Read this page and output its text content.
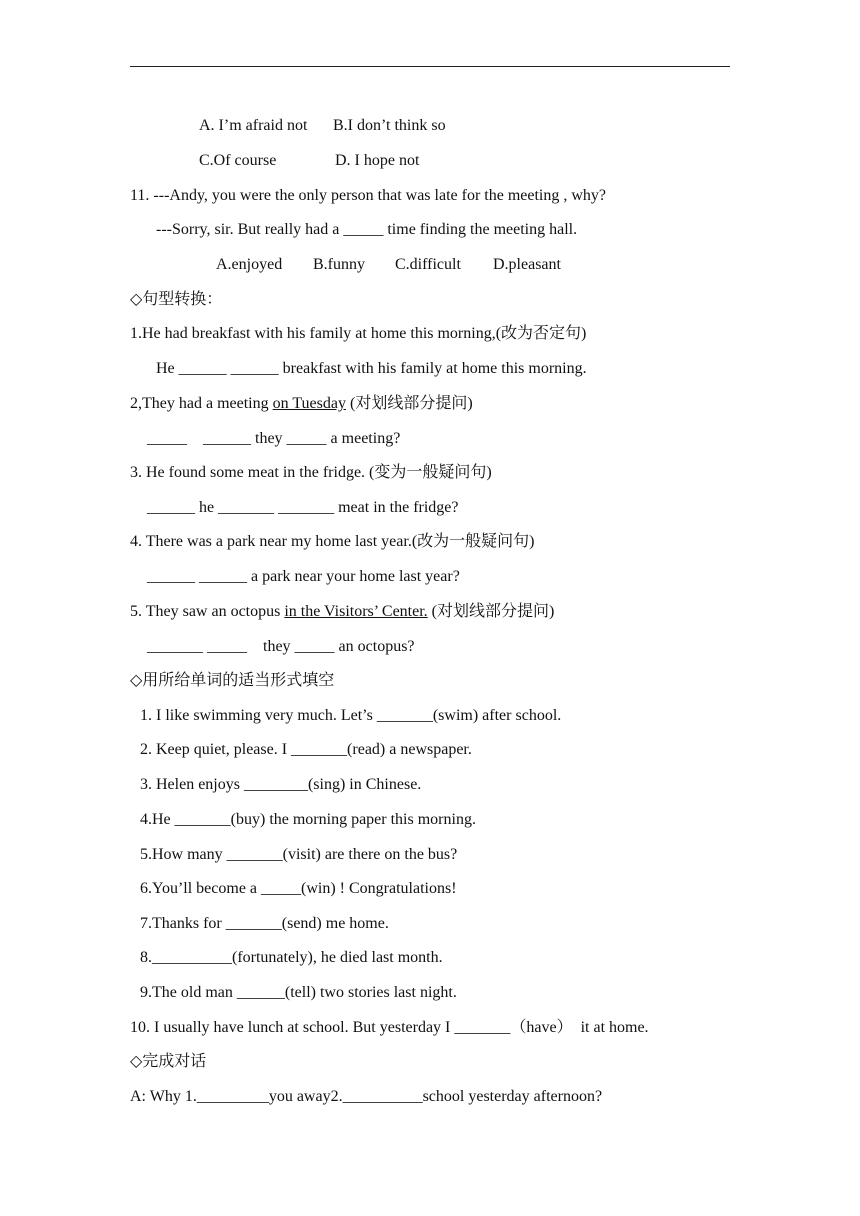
A. I’m afraid not B.I don’t think so
C.Of course	D. I hope not
11. ---Andy, you were the only person that was late for the meeting , why?
---Sorry, sir. But really had a _____ time finding the meeting hall.
A.enjoyed B.funny C.difficult D.pleasant
◇句型转换：
1.He had breakfast with his family at home this morning,(改为否定句)
He ______ ______ breakfast with his family at home this morning.
2,They had a meeting on Tuesday (对划线部分提问)
_____    ______ they _____ a meeting?
3. He found some meat in the fridge. (变为一般疑问句)
______ he _______ _______ meat in the fridge?
4. There was a park near my home last year.(改为一般疑问句)
______ ______ a park near your home last year?
5. They saw an octopus in the Visitors’ Center. (对划线部分提问)
_______ _____    they _____ an octopus?
◇用所给单词的适当形式填空
1. I like swimming very much. Let’s _______(swim) after school.
2. Keep quiet, please. I _______(read) a newspaper.
3. Helen enjoys ________(sing) in Chinese.
4.He _______(buy) the morning paper this morning.
5.How many _______(visit) are there on the bus?
6.You’ll become a _____(win) ! Congratulations!
7.Thanks for _______(send) me home.
8.__________(fortunately), he died last month.
9.The old man ______(tell) two stories last night.
10. I usually have lunch at school. But yesterday I _______（have）  it at home.
◇完成对话
A: Why 1._________you away2.__________school yesterday afternoon?
